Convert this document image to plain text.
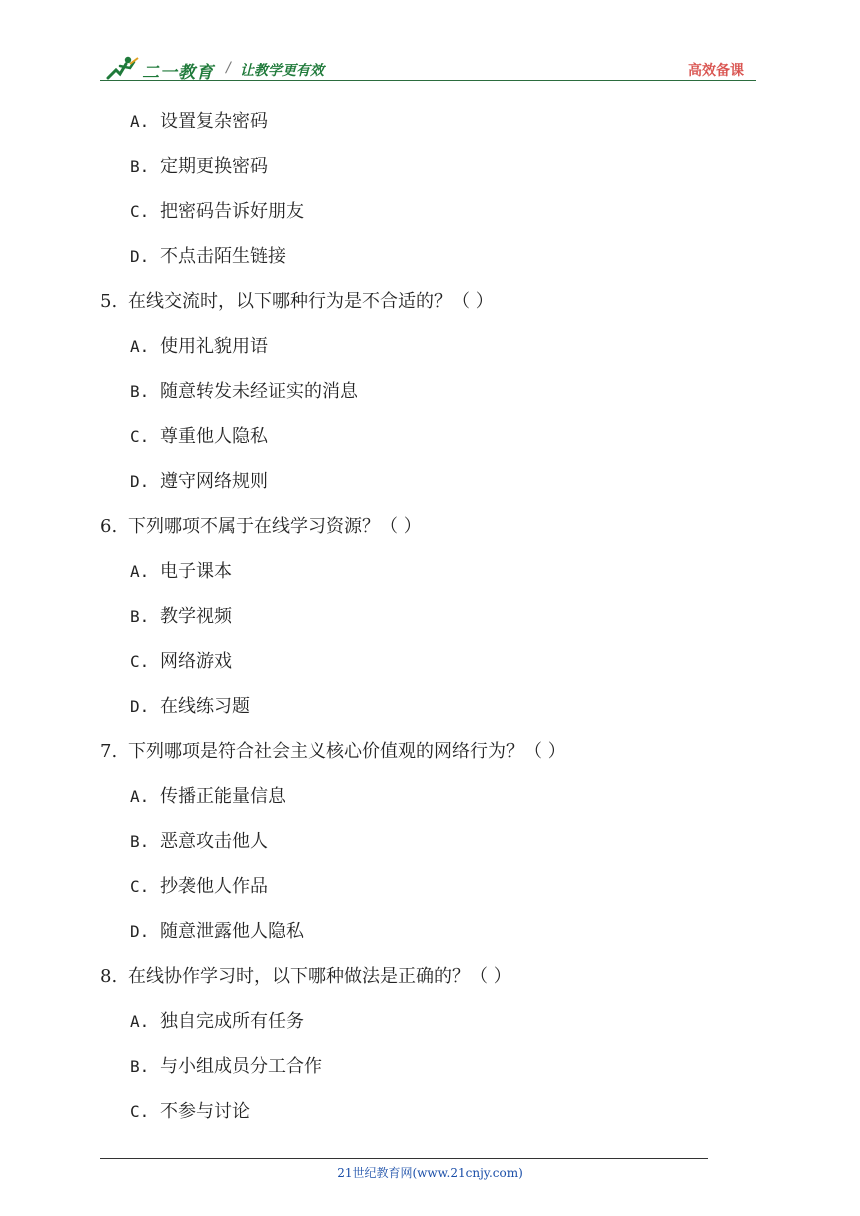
二一教育 / 让教学更有效	高效备课
A. 设置复杂密码
B. 定期更换密码
C. 把密码告诉好朋友
D. 不点击陌生链接
5. 在线交流时，以下哪种行为是不合适的？（ ）
A. 使用礼貌用语
B. 随意转发未经证实的消息
C. 尊重他人隐私
D. 遵守网络规则
6. 下列哪项不属于在线学习资源？（ ）
A. 电子课本
B. 教学视频
C. 网络游戏
D. 在线练习题
7. 下列哪项是符合社会主义核心价值观的网络行为？（ ）
A. 传播正能量信息
B. 恶意攻击他人
C. 抄袭他人作品
D. 随意泄露他人隐私
8. 在线协作学习时，以下哪种做法是正确的？（ ）
A. 独自完成所有任务
B. 与小组成员分工合作
C. 不参与讨论
21世纪教育网(www.21cnjy.com)
